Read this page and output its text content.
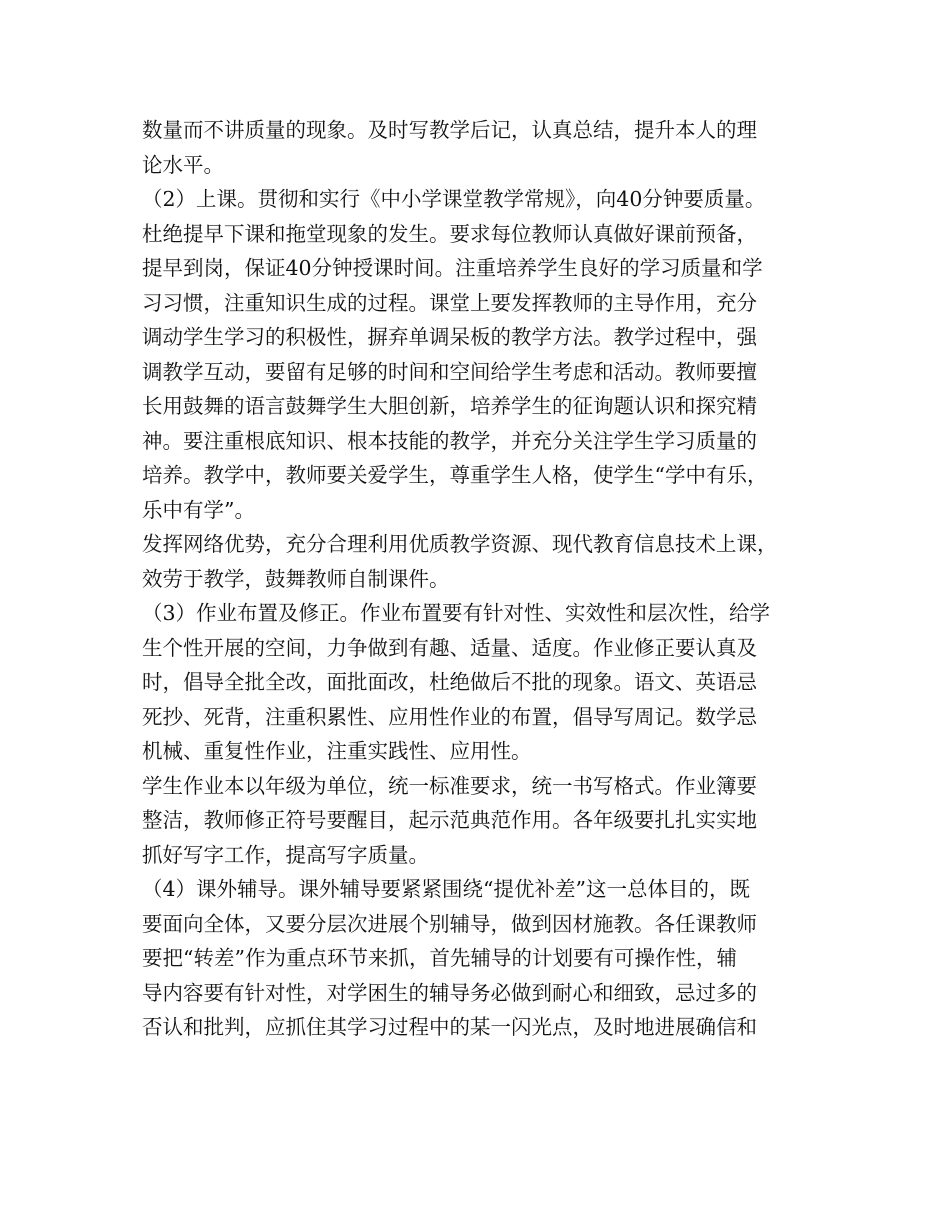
数量而不讲质量的现象。及时写教学后记，认真总结，提升本人的理
论水平。
（2）上课。贯彻和实行《中小学课堂教学常规》，向40分钟要质量。
杜绝提早下课和拖堂现象的发生。要求每位教师认真做好课前预备，
提早到岗，保证40分钟授课时间。注重培养学生良好的学习质量和学
习习惯，注重知识生成的过程。课堂上要发挥教师的主导作用，充分
调动学生学习的积极性，摒弃单调呆板的教学方法。教学过程中，强
调教学互动，要留有足够的时间和空间给学生考虑和活动。教师要擅
长用鼓舞的语言鼓舞学生大胆创新，培养学生的征询题认识和探究精
神。要注重根底知识、根本技能的教学，并充分关注学生学习质量的
培养。教学中，教师要关爱学生，尊重学生人格，使学生“学中有乐，
乐中有学”。
发挥网络优势，充分合理利用优质教学资源、现代教育信息技术上课，
效劳于教学，鼓舞教师自制课件。
（3）作业布置及修正。作业布置要有针对性、实效性和层次性，给学
生个性开展的空间，力争做到有趣、适量、适度。作业修正要认真及
时，倡导全批全改，面批面改，杜绝做后不批的现象。语文、英语忌
死抄、死背，注重积累性、应用性作业的布置，倡导写周记。数学忌
机械、重复性作业，注重实践性、应用性。
学生作业本以年级为单位，统一标准要求，统一书写格式。作业簿要
整洁，教师修正符号要醒目，起示范典范作用。各年级要扎扎实实地
抓好写字工作，提高写字质量。
（4）课外辅导。课外辅导要紧紧围绕“提优补差”这一总体目的，既
要面向全体，又要分层次进展个别辅导，做到因材施教。各任课教师
要把“转差”作为重点环节来抓，首先辅导的计划要有可操作性，辅
导内容要有针对性，对学困生的辅导务必做到耐心和细致，忌过多的
否认和批判，应抓住其学习过程中的某一闪光点，及时地进展确信和
